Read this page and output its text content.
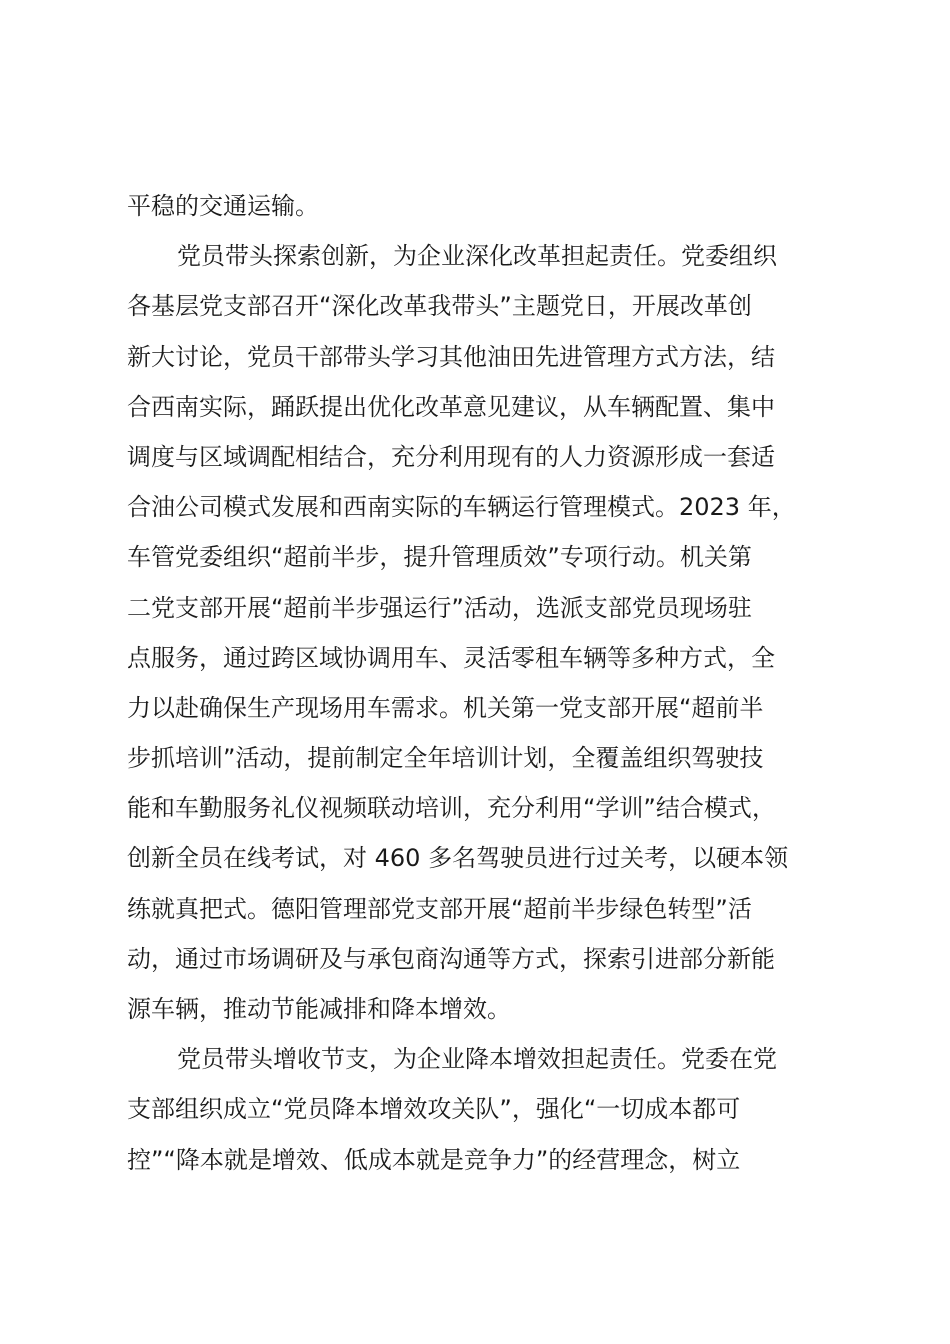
平稳的交通运输。
党员带头探索创新，为企业深化改革担起责任。党委组织
各基层党支部召开“深化改革我带头”主题党日，开展改革创
新大讨论，党员干部带头学习其他油田先进管理方式方法，结
合西南实际，踊跃提出优化改革意见建议，从车辆配置、集中
调度与区域调配相结合，充分利用现有的人力资源形成一套适
合油公司模式发展和西南实际的车辆运行管理模式。2023 年，
车管党委组织“超前半步，提升管理质效”专项行动。机关第
二党支部开展“超前半步强运行”活动，选派支部党员现场驻
点服务，通过跨区域协调用车、灵活零租车辆等多种方式，全
力以赴确保生产现场用车需求。机关第一党支部开展“超前半
步抓培训”活动，提前制定全年培训计划，全覆盖组织驾驶技
能和车勤服务礼仪视频联动培训，充分利用“学训”结合模式，
创新全员在线考试，对 460 多名驾驶员进行过关考，以硬本领
练就真把式。德阳管理部党支部开展“超前半步绿色转型”活
动，通过市场调研及与承包商沟通等方式，探索引进部分新能
源车辆，推动节能减排和降本增效。
党员带头增收节支，为企业降本增效担起责任。党委在党
支部组织成立“党员降本增效攻关队”，强化“一切成本都可
控”“降本就是增效、低成本就是竞争力”的经营理念，树立
